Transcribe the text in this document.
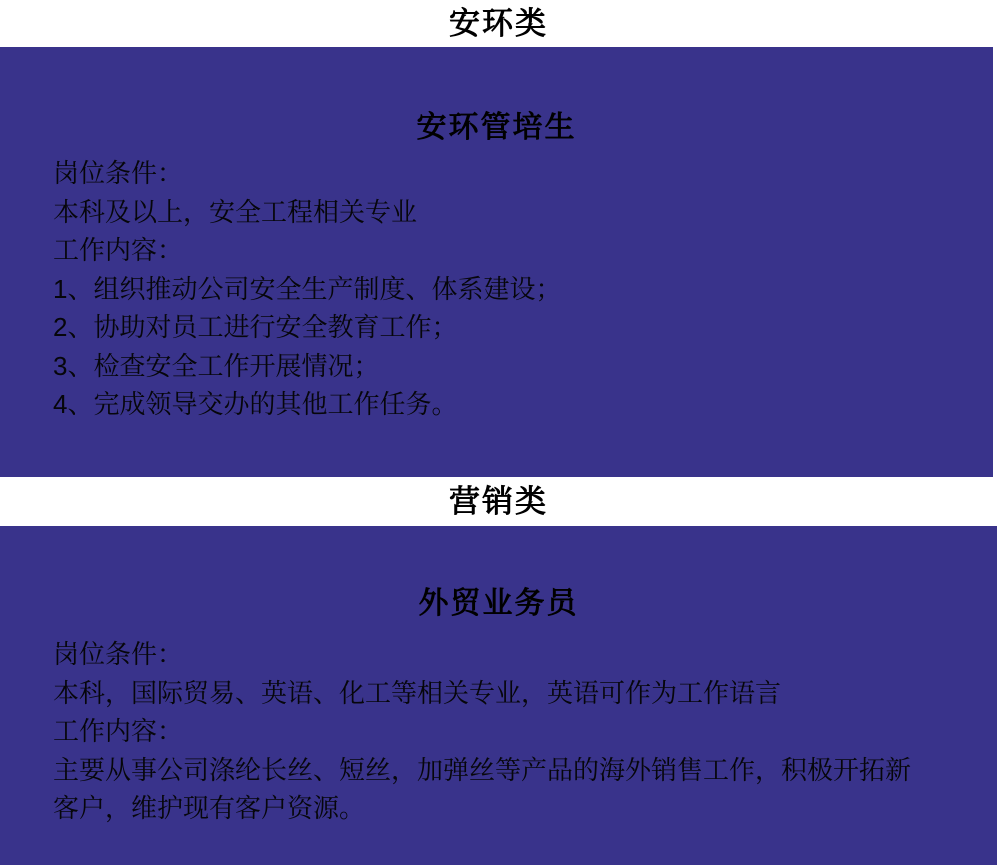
安环类
安环管培生

岗位条件：

本科及以上，安全工程相关专业

工作内容：

1、组织推动公司安全生产制度、体系建设；

2、协助对员工进行安全教育工作；

3、检查安全工作开展情况；

4、完成领导交办的其他工作任务。

营销类
外贸业务员

岗位条件：

本科，国际贸易、英语、化工等相关专业，英语可作为工作语言

工作内容：

主要从事公司涤纶长丝、短丝，加弹丝等产品的海外销售工作，积极开拓新客户，维护现有客户资源。
